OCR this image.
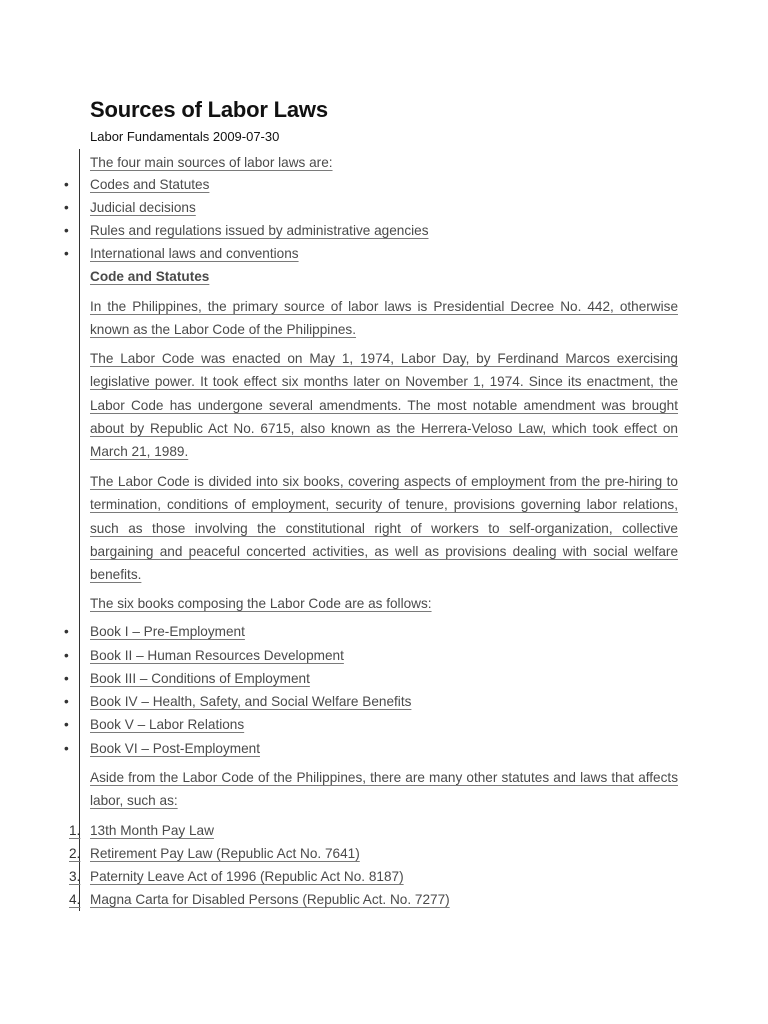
Sources of Labor Laws
Labor Fundamentals 2009-07-30
The four main sources of labor laws are:
•	Codes and Statutes
•	Judicial decisions
•	Rules and regulations issued by administrative agencies
•	International laws and conventions
Code and Statutes
In the Philippines, the primary source of labor laws is Presidential Decree No. 442, otherwise known as the Labor Code of the Philippines.
The Labor Code was enacted on May 1, 1974, Labor Day, by Ferdinand Marcos exercising legislative power. It took effect six months later on November 1, 1974. Since its enactment, the Labor Code has undergone several amendments. The most notable amendment was brought about by Republic Act No. 6715, also known as the Herrera-Veloso Law, which took effect on March 21, 1989.
The Labor Code is divided into six books, covering aspects of employment from the pre-hiring to termination, conditions of employment, security of tenure, provisions governing labor relations, such as those involving the constitutional right of workers to self-organization, collective bargaining and peaceful concerted activities, as well as provisions dealing with social welfare benefits.
The six books composing the Labor Code are as follows:
•	Book I – Pre-Employment
•	Book II – Human Resources Development
•	Book III – Conditions of Employment
•	Book IV – Health, Safety, and Social Welfare Benefits
•	Book V – Labor Relations
•	Book VI – Post-Employment
Aside from the Labor Code of the Philippines, there are many other statutes and laws that affects labor, such as:
1. 13th Month Pay Law
2. Retirement Pay Law (Republic Act No. 7641)
3. Paternity Leave Act of 1996 (Republic Act No. 8187)
4. Magna Carta for Disabled Persons (Republic Act. No. 7277)
